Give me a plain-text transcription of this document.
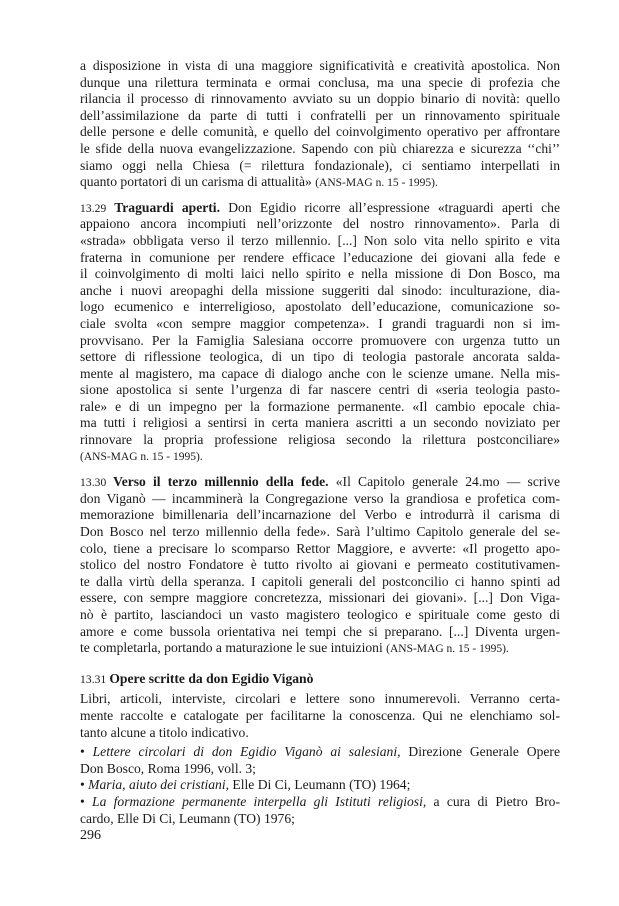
a disposizione in vista di una maggiore significatività e creatività apostolica. Non
dunque una rilettura terminata e ormai conclusa, ma una specie di profezia che
rilancia il processo di rinnovamento avviato su un doppio binario di novità: quello
dell’assimilazione da parte di tutti i confratelli per un rinnovamento spirituale
delle persone e delle comunità, e quello del coinvolgimento operativo per affrontare
le sfide della nuova evangelizzazione. Sapendo con più chiarezza e sicurezza ‘‘chi’’
siamo oggi nella Chiesa (= rilettura fondazionale), ci sentiamo interpellati in
quanto portatori di un carisma di attualità» (ANS-MAG n. 15 - 1995).
13.29 Traguardi aperti. Don Egidio ricorre all’espressione «traguardi aperti che
appaiono ancora incompiuti nell’orizzonte del nostro rinnovamento». Parla di
«strada» obbligata verso il terzo millennio. [...] Non solo vita nello spirito e vita
fraterna in comunione per rendere efficace l’educazione dei giovani alla fede e
il coinvolgimento di molti laici nello spirito e nella missione di Don Bosco, ma
anche i nuovi areopaghi della missione suggeriti dal sinodo: inculturazione, dia-
logo ecumenico e interreligioso, apostolato dell’educazione, comunicazione so-
ciale svolta «con sempre maggior competenza». I grandi traguardi non si im-
provvisano. Per la Famiglia Salesiana occorre promuovere con urgenza tutto un
settore di riflessione teologica, di un tipo di teologia pastorale ancorata salda-
mente al magistero, ma capace di dialogo anche con le scienze umane. Nella mis-
sione apostolica si sente l’urgenza di far nascere centri di «seria teologia pasto-
rale» e di un impegno per la formazione permanente. «Il cambio epocale chia-
ma tutti i religiosi a sentirsi in certa maniera ascritti a un secondo noviziato per
rinnovare la propria professione religiosa secondo la rilettura postconciliare»
(ANS-MAG n. 15 - 1995).
13.30 Verso il terzo millennio della fede. «Il Capitolo generale 24.mo — scrive
don Viganò — incamminerà la Congregazione verso la grandiosa e profetica com-
memorazione bimillenaria dell’incarnazione del Verbo e introdurrà il carisma di
Don Bosco nel terzo millennio della fede». Sarà l’ultimo Capitolo generale del se-
colo, tiene a precisare lo scomparso Rettor Maggiore, e avverte: «Il progetto apo-
stolico del nostro Fondatore è tutto rivolto ai giovani e permeato costitutivamen-
te dalla virtù della speranza. I capitoli generali del postconcilio ci hanno spinti ad
essere, con sempre maggiore concretezza, missionari dei giovani». [...] Don Viga-
nò è partito, lasciandoci un vasto magistero teologico e spirituale come gesto di
amore e come bussola orientativa nei tempi che si preparano. [...] Diventa urgen-
te completarla, portando a maturazione le sue intuizioni (ANS-MAG n. 15 - 1995).
13.31 Opere scritte da don Egidio Viganò
Libri, articoli, interviste, circolari e lettere sono innumerevoli. Verranno certa-
mente raccolte e catalogate per facilitarne la conoscenza. Qui ne elenchiamo sol-
tanto alcune a titolo indicativo.
• Lettere circolari di don Egidio Viganò ai salesiani, Direzione Generale Opere
Don Bosco, Roma 1996, voll. 3;
• Maria, aiuto dei cristiani, Elle Di Ci, Leumann (TO) 1964;
• La formazione permanente interpella gli Istituti religiosi, a cura di Pietro Bro-
cardo, Elle Di Ci, Leumann (TO) 1976;
296
